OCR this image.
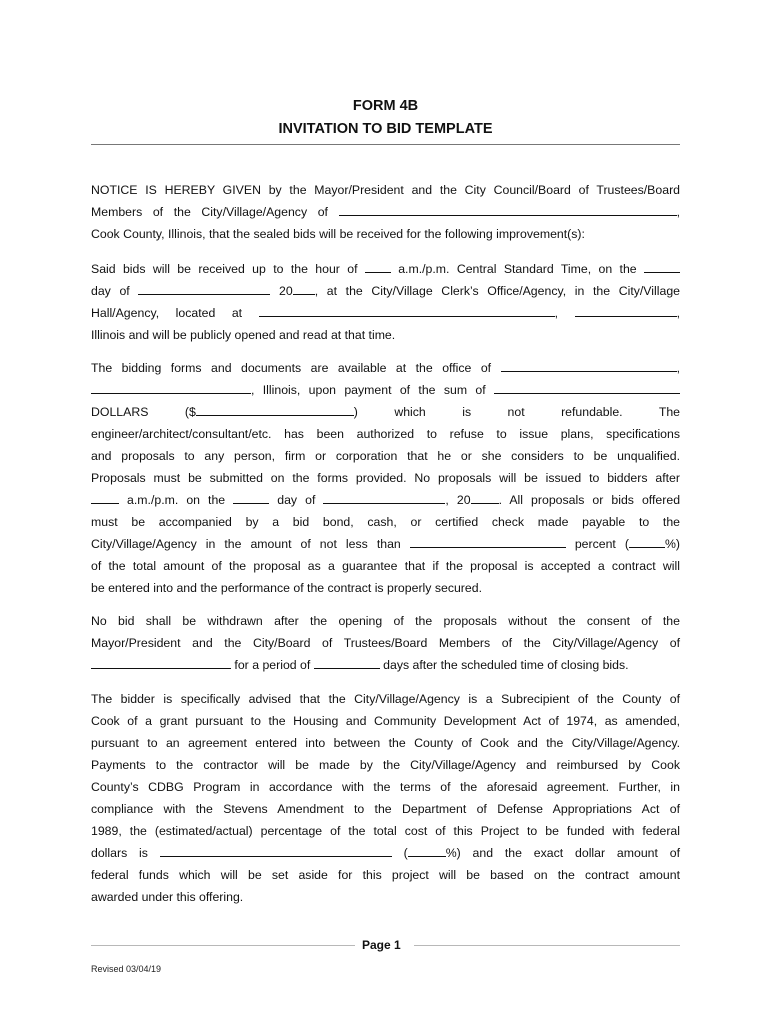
FORM 4B
INVITATION TO BID TEMPLATE
NOTICE IS HEREBY GIVEN by the Mayor/President and the City Council/Board of Trustees/Board
Members of the City/Village/Agency of	,
Cook County, Illinois, that the sealed bids will be received for the following improvement(s):
Said bids will be received up to the hour of	a.m./p.m. Central Standard Time, on the
day of	20 , at the City/Village Clerk’s Office/Agency, in the City/Village
Hall/Agency, located at	,	,
Illinois and will be publicly opened and read at that time.
The bidding forms and documents are available at the office of	,
, Illinois, upon payment of the sum of
DOLLARS ($	) which is not refundable. The
engineer/architect/consultant/etc. has been authorized to refuse to issue plans, specifications
and proposals to any person, firm or corporation that he or she considers to be unqualified.
Proposals must be submitted on the forms provided. No proposals will be issued to bidders after
a.m./p.m. on the	day of	, 20 . All proposals or bids offered
must be accompanied by a bid bond, cash, or certified check made payable to the
City/Village/Agency in the amount of not less than	percent (	%)
of the total amount of the proposal as a guarantee that if the proposal is accepted a contract will
be entered into and the performance of the contract is properly secured.
No bid shall be withdrawn after the opening of the proposals without the consent of the
Mayor/President and the City/Board of Trustees/Board Members of the City/Village/Agency of
for a period of	days after the scheduled time of closing bids.
The bidder is specifically advised that the City/Village/Agency is a Subrecipient of the County of
Cook of a grant pursuant to the Housing and Community Development Act of 1974, as amended,
pursuant to an agreement entered into between the County of Cook and the City/Village/Agency.
Payments to the contractor will be made by the City/Village/Agency and reimbursed by Cook
County’s CDBG Program in accordance with the terms of the aforesaid agreement. Further, in
compliance with the Stevens Amendment to the Department of Defense Appropriations Act of
1989, the (estimated/actual) percentage of the total cost of this Project to be funded with federal
dollars is	(	%) and the exact dollar amount of
federal funds which will be set aside for this project will be based on the contract amount
awarded under this offering.
Page 1
Revised 03/04/19
